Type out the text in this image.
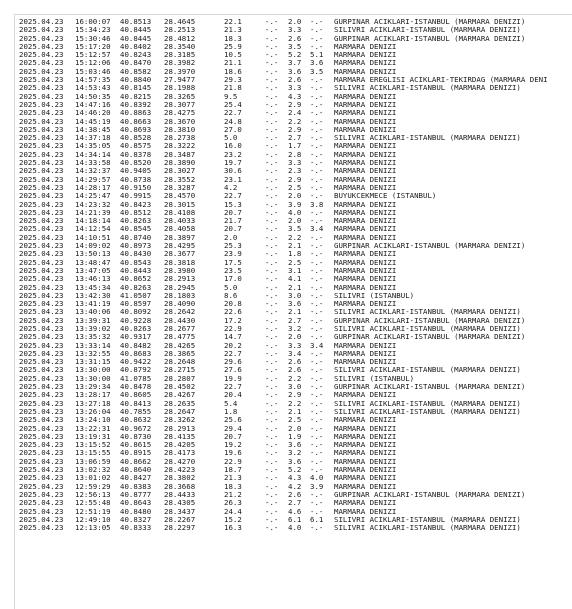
2025.04.23 16:00:07 40.8513 28.4645	22.1	-.- 2.0 -.- GURPINAR ACIKLARI-ISTANBUL (MARMARA DENIZI)
2025.04.23 15:34:23 40.8445 28.2513	21.3	-.- 3.3 -.- SILIVRI ACIKLARI-ISTANBUL (MARMARA DENIZI)
2025.04.23 15:30:46 40.8445 28.4812	18.3	-.- 2.6 -.- GURPINAR ACIKLARI-ISTANBUL (MARMARA DENIZI)
2025.04.23 15:17:20 40.8402 28.3540	25.9	-.- 3.5 -.- MARMARA DENIZI
2025.04.23 15:12:57 40.8243 28.3185	10.5	-.- 5.2 5.1 MARMARA DENIZI
2025.04.23 15:12:06 40.8470 28.3982	21.1	-.- 3.7 3.6 MARMARA DENIZI
2025.04.23 15:03:46 40.8582 28.3970	18.6	-.- 3.6 3.5 MARMARA DENIZI
2025.04.23 14:57:35 40.8840 27.9477	29.3	-.- 2.6 -.- MARMARA EREGLISI ACIKLARI-TEKIRDAG (MARMARA DENI
2025.04.23 14:53:43 40.8145 28.1988	21.8	-.- 3.3 -.- SILIVRI ACIKLARI-ISTANBUL (MARMARA DENIZI)
2025.04.23 14:50:35 40.8215 28.3265	9.5	-.- 4.3 -.- MARMARA DENIZI
2025.04.23 14:47:16 40.8392 28.3077	25.4	-.- 2.9 -.- MARMARA DENIZI
2025.04.23 14:46:20 40.8863 28.4275	22.7	-.- 2.4 -.- MARMARA DENIZI
2025.04.23 14:45:19 40.8663 28.3670	24.8	-.- 2.2 -.- MARMARA DENIZI
2025.04.23 14:38:45 40.8693 28.3810	27.0	-.- 2.9 -.- MARMARA DENIZI
2025.04.23 14:37:18 40.8528 28.2738	5.0	-.- 2.7 -.- SILIVRI ACIKLARI-ISTANBUL (MARMARA DENIZI)
2025.04.23 14:35:05 40.8575 28.3222	16.0	-.- 1.7 -.- MARMARA DENIZI
2025.04.23 14:34:14 40.8378 28.3487	23.2	-.- 2.8 -.- MARMARA DENIZI
2025.04.23 14:33:58 40.8520 28.3890	19.7	-.- 3.3 -.- MARMARA DENIZI
2025.04.23 14:32:37 40.9405 28.3027	30.6	-.- 2.3 -.- MARMARA DENIZI
2025.04.23 14:29:57 40.8738 28.3552	23.1	-.- 2.9 -.- MARMARA DENIZI
2025.04.23 14:28:17 40.9150 28.3287	4.2	-.- 2.5 -.- MARMARA DENIZI
2025.04.23 14:25:47 40.9915 28.4570	22.7	-.- 2.0 -.- BUYUKCEKMECE (ISTANBUL)
2025.04.23 14:23:32 40.8423 28.3015	15.3	-.- 3.9 3.8 MARMARA DENIZI
2025.04.23 14:21:39 40.8512 28.4108	20.7	-.- 4.0 -.- MARMARA DENIZI
2025.04.23 14:18:14 40.8263 28.4033	21.7	-.- 2.0 -.- MARMARA DENIZI
2025.04.23 14:12:54 40.8545 28.4058	20.7	-.- 3.5 3.4 MARMARA DENIZI
2025.04.23 14:10:51 40.8740 28.3897	2.0	-.- 2.2 -.- MARMARA DENIZI
2025.04.23 14:09:02 40.8973 28.4295	25.3	-.- 2.1 -.- GURPINAR ACIKLARI-ISTANBUL (MARMARA DENIZI)
2025.04.23 13:50:13 40.8430 28.3677	23.9	-.- 1.8 -.- MARMARA DENIZI
2025.04.23 13:48:47 40.8543 28.3818	17.5	-.- 2.5 -.- MARMARA DENIZI
2025.04.23 13:47:05 40.8443 28.3980	23.5	-.- 3.1 -.- MARMARA DENIZI
2025.04.23 13:46:13 40.8652 28.2913	17.0	-.- 4.1 -.- MARMARA DENIZI
2025.04.23 13:45:34 40.8263 28.2945	5.0	-.- 2.1 -.- MARMARA DENIZI
2025.04.23 13:42:30 41.0507 28.1803	8.6	-.- 3.0 -.- SILIVRI (ISTANBUL)
2025.04.23 13:41:19 40.8597 28.4090	20.8	-.- 3.6 -.- MARMARA DENIZI
2025.04.23 13:40:06 40.8092 28.2642	22.6	-.- 2.1 -.- SILIVRI ACIKLARI-ISTANBUL (MARMARA DENIZI)
2025.04.23 13:39:31 40.9228 28.4430	17.2	-.- 2.7 -.- GURPINAR ACIKLARI-ISTANBUL (MARMARA DENIZI)
2025.04.23 13:39:02 40.8263 28.2677	22.9	-.- 3.2 -.- SILIVRI ACIKLARI-ISTANBUL (MARMARA DENIZI)
2025.04.23 13:35:32 40.9317 28.4775	14.7	-.- 2.0 -.- GURPINAR ACIKLARI-ISTANBUL (MARMARA DENIZI)
2025.04.23 13:33:14 40.8482 28.4265	20.2	-.- 3.3 3.4 MARMARA DENIZI
2025.04.23 13:32:55 40.8683 28.3865	22.7	-.- 3.4 -.- MARMARA DENIZI
2025.04.23 13:31:15 40.9422 28.2648	29.6	-.- 2.6 -.- MARMARA DENIZI
2025.04.23 13:30:00 40.8792 28.2715	27.6	-.- 2.6 -.- SILIVRI ACIKLARI-ISTANBUL (MARMARA DENIZI)
2025.04.23 13:30:00 41.0785 28.2807	19.9	-.- 2.2 -.- SILIVRI (ISTANBUL)
2025.04.23 13:29:34 40.8478 28.4502	22.7	-.- 3.0 -.- GURPINAR ACIKLARI-ISTANBUL (MARMARA DENIZI)
2025.04.23 13:28:17 40.8605 28.4267	20.4	-.- 2.9 -.- MARMARA DENIZI
2025.04.23 13:27:18 40.8413 28.2635	5.4	-.- 2.2 -.- SILIVRI ACIKLARI-ISTANBUL (MARMARA DENIZI)
2025.04.23 13:26:04 40.7855 28.2647	1.8	-.- 2.1 -.- SILIVRI ACIKLARI-ISTANBUL (MARMARA DENIZI)
2025.04.23 13:24:10 40.8632 28.3262	25.6	-.- 2.5 -.- MARMARA DENIZI
2025.04.23 13:22:31 40.9672 28.2913	29.4	-.- 2.0 -.- MARMARA DENIZI
2025.04.23 13:19:31 40.8730 28.4135	20.7	-.- 1.9 -.- MARMARA DENIZI
2025.04.23 13:15:52 40.8615 28.4205	19.2	-.- 3.6 -.- MARMARA DENIZI
2025.04.23 13:15:55 40.8915 28.4173	19.6	-.- 3.2 -.- MARMARA DENIZI
2025.04.23 13:06:59 40.8662 28.4270	22.9	-.- 3.6 -.- MARMARA DENIZI
2025.04.23 13:02:32 40.8640 28.4223	18.7	-.- 5.2 -.- MARMARA DENIZI
2025.04.23 13:01:02 40.8427 28.3802	21.3	-.- 4.3 4.0 MARMARA DENIZI
2025.04.23 12:59:29 40.8383 28.3668	18.3	-.- 4.2 3.9 MARMARA DENIZI
2025.04.23 12:56:13 40.8777 28.4433	21.2	-.- 2.6 -.- GURPINAR ACIKLARI-ISTANBUL (MARMARA DENIZI)
2025.04.23 12:55:48 40.8643 28.4305	26.3	-.- 2.7 -.- MARMARA DENIZI
2025.04.23 12:51:19 40.8480 28.3437	24.4	-.- 4.6 -.- MARMARA DENIZI
2025.04.23 12:49:10 40.8327 28.2267	15.2	-.- 6.1 6.1 SILIVRI ACIKLARI-ISTANBUL (MARMARA DENIZI)
2025.04.23 12:13:05 40.8333 28.2297	16.3	-.- 4.0 -.- SILIVRI ACIKLARI-ISTANBUL (MARMARA DENIZI)
